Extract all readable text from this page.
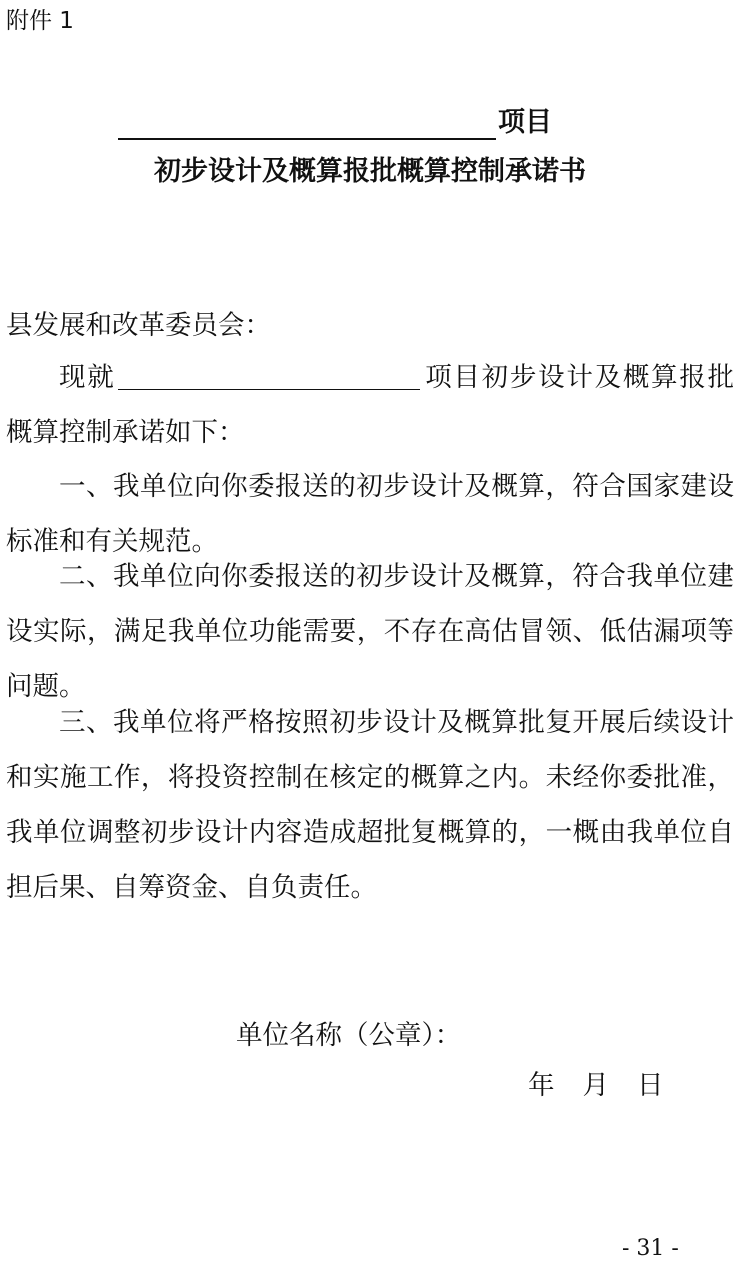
附件 1
项目
初步设计及概算报批概算控制承诺书
县发展和改革委员会：

现就	项目初步设计及概算报批概算控制承诺如下：

一、我单位向你委报送的初步设计及概算，符合国家建设标准和有关规范。

二、我单位向你委报送的初步设计及概算，符合我单位建设实际，满足我单位功能需要，不存在高估冒领、低估漏项等问题。

三、我单位将严格按照初步设计及概算批复开展后续设计和实施工作，将投资控制在核定的概算之内。未经你委批准，我单位调整初步设计内容造成超批复概算的，一概由我单位自担后果、自筹资金、自负责任。

单位名称（公章）：
年 月 日
- 31 -
